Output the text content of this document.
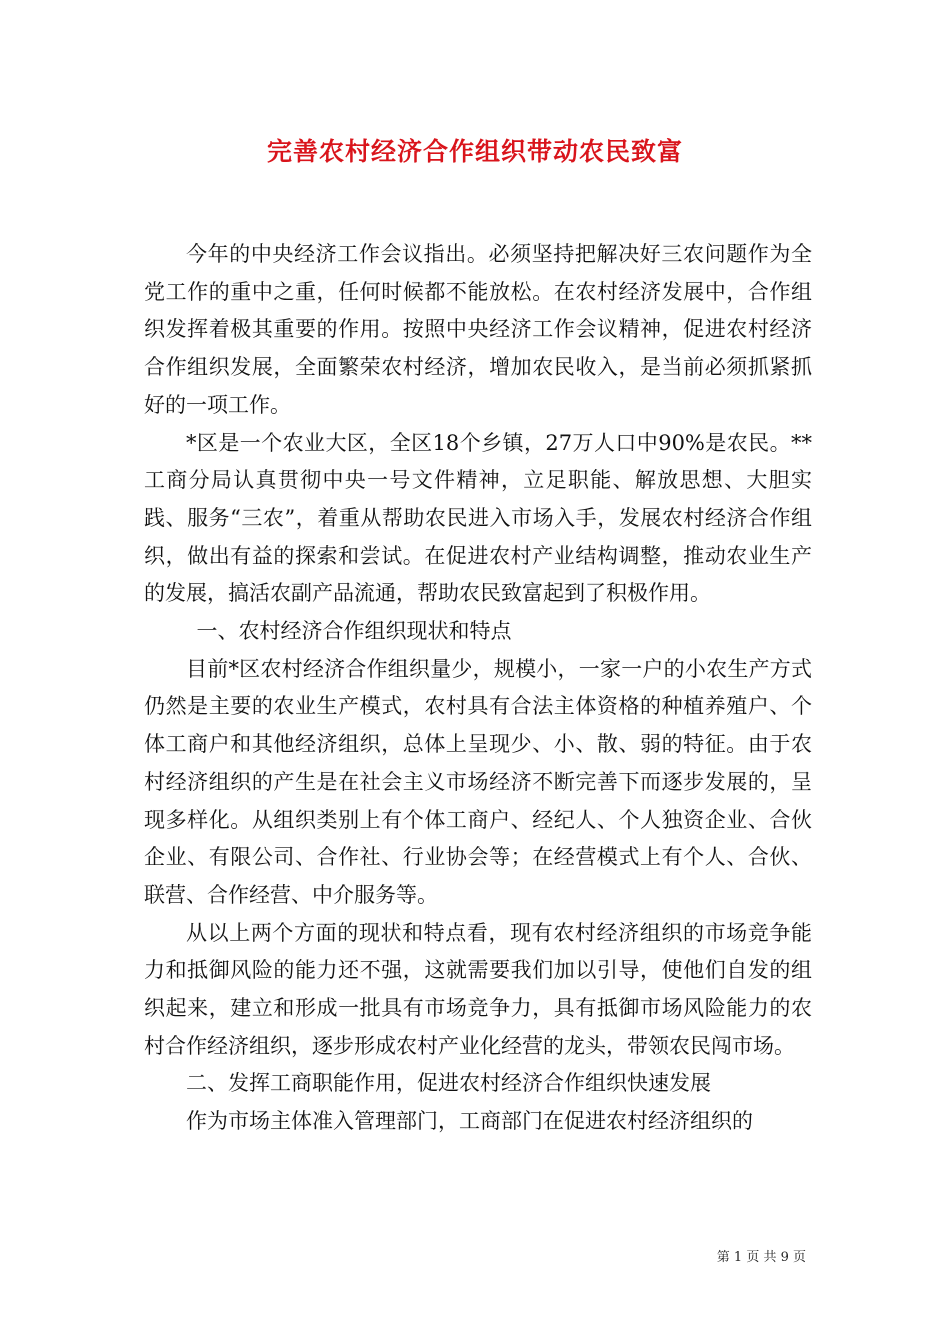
完善农村经济合作组织带动农民致富

今年的中央经济工作会议指出。必须坚持把解决好三农问题作为全党工作的重中之重，任何时候都不能放松。在农村经济发展中，合作组织发挥着极其重要的作用。按照中央经济工作会议精神，促进农村经济合作组织发展，全面繁荣农村经济，增加农民收入，是当前必须抓紧抓好的一项工作。

*区是一个农业大区，全区18个乡镇，27万人口中90%是农民。**工商分局认真贯彻中央一号文件精神，立足职能、解放思想、大胆实践、服务“三农”，着重从帮助农民进入市场入手，发展农村经济合作组织，做出有益的探索和尝试。在促进农村产业结构调整，推动农业生产的发展，搞活农副产品流通，帮助农民致富起到了积极作用。

一、农村经济合作组织现状和特点

目前*区农村经济合作组织量少，规模小，一家一户的小农生产方式仍然是主要的农业生产模式，农村具有合法主体资格的种植养殖户、个体工商户和其他经济组织，总体上呈现少、小、散、弱的特征。由于农村经济组织的产生是在社会主义市场经济不断完善下而逐步发展的，呈现多样化。从组织类别上有个体工商户、经纪人、个人独资企业、合伙企业、有限公司、合作社、行业协会等；在经营模式上有个人、合伙、联营、合作经营、中介服务等。

从以上两个方面的现状和特点看，现有农村经济组织的市场竞争能力和抵御风险的能力还不强，这就需要我们加以引导，使他们自发的组织起来，建立和形成一批具有市场竞争力，具有抵御市场风险能力的农村合作经济组织，逐步形成农村产业化经营的龙头，带领农民闯市场。

二、发挥工商职能作用，促进农村经济合作组织快速发展

作为市场主体准入管理部门，工商部门在促进农村经济组织的

第 1 页 共 9 页
